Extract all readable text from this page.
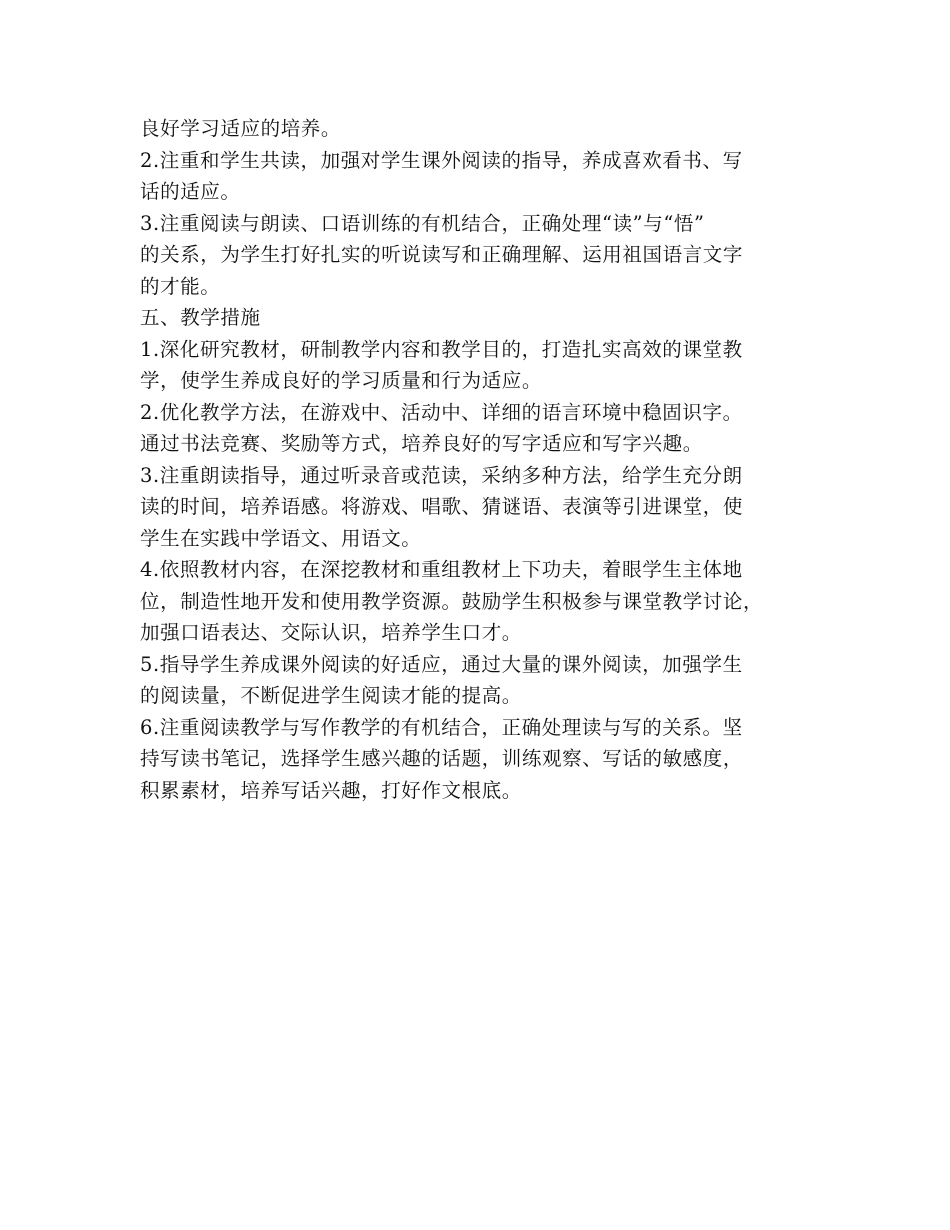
良好学习适应的培养。
2.注重和学生共读，加强对学生课外阅读的指导，养成喜欢看书、写
话的适应。
3.注重阅读与朗读、口语训练的有机结合，正确处理“读”与“悟”
的关系，为学生打好扎实的听说读写和正确理解、运用祖国语言文字
的才能。
五、教学措施
1.深化研究教材，研制教学内容和教学目的，打造扎实高效的课堂教
学，使学生养成良好的学习质量和行为适应。
2.优化教学方法，在游戏中、活动中、详细的语言环境中稳固识字。
通过书法竞赛、奖励等方式，培养良好的写字适应和写字兴趣。
3.注重朗读指导，通过听录音或范读，采纳多种方法，给学生充分朗
读的时间，培养语感。将游戏、唱歌、猜谜语、表演等引进课堂，使
学生在实践中学语文、用语文。
4.依照教材内容，在深挖教材和重组教材上下功夫，着眼学生主体地
位，制造性地开发和使用教学资源。鼓励学生积极参与课堂教学讨论，
加强口语表达、交际认识，培养学生口才。
5.指导学生养成课外阅读的好适应，通过大量的课外阅读，加强学生
的阅读量，不断促进学生阅读才能的提高。
6.注重阅读教学与写作教学的有机结合，正确处理读与写的关系。坚
持写读书笔记，选择学生感兴趣的话题，训练观察、写话的敏感度，
积累素材，培养写话兴趣，打好作文根底。
